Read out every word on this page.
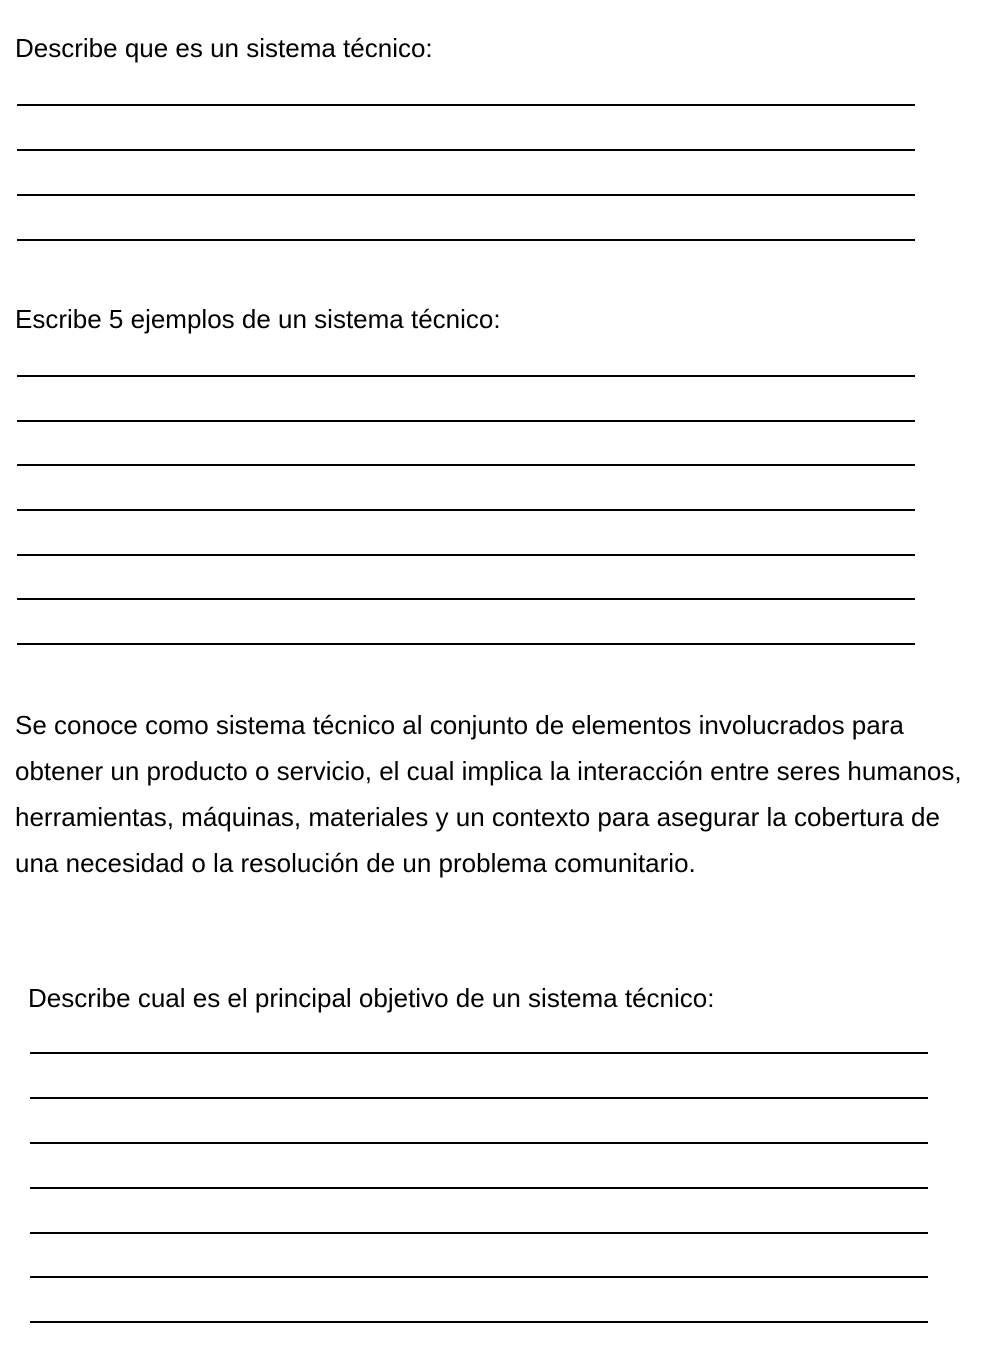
Describe que es un sistema técnico:

Escribe 5 ejemplos de un sistema técnico:

Se conoce como sistema técnico al conjunto de elementos involucrados para obtener un producto o servicio, el cual implica la interacción entre seres humanos, herramientas, máquinas, materiales y un contexto para asegurar la cobertura de una necesidad o la resolución de un problema comunitario.

Describe cual es el principal objetivo de un sistema técnico:
